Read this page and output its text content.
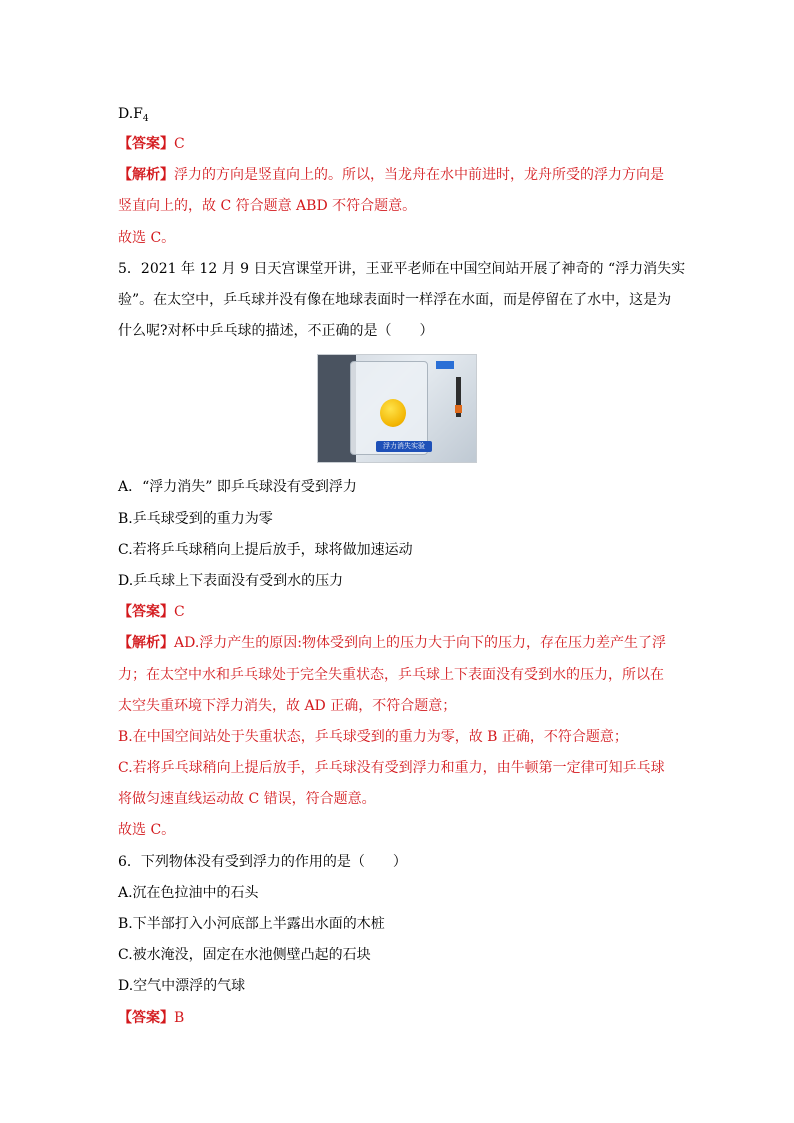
$D.F_4$
【答案】C
【解析】浮力的方向是竖直向上的。所以，当龙舟在水中前进时，龙舟所受的浮力方向是
竖直向上的，故 C 符合题意 ABD 不符合题意。
故选 C。
5．2021 年 12 月 9 日天宫课堂开讲，王亚平老师在中国空间站开展了神奇的 “浮力消失实
验”。在太空中，乒乓球并没有像在地球表面时一样浮在水面，而是停留在了水中，这是为
什么呢?对杯中乒乓球的描述，不正确的是（　　）
浮力消失实验
A．“浮力消失” 即乒乓球没有受到浮力
B.乒乓球受到的重力为零
C.若将乒乓球稍向上提后放手，球将做加速运动
D.乒乓球上下表面没有受到水的压力
【答案】C
【解析】AD.浮力产生的原因:物体受到向上的压力大于向下的压力，存在压力差产生了浮
力；在太空中水和乒乓球处于完全失重状态，乒乓球上下表面没有受到水的压力，所以在
太空失重环境下浮力消失，故 AD 正确，不符合题意；
B.在中国空间站处于失重状态，乒乓球受到的重力为零，故 B 正确，不符合题意；
C.若将乒乓球稍向上提后放手，乒乓球没有受到浮力和重力，由牛顿第一定律可知乒乓球
将做匀速直线运动故 C 错误，符合题意。
故选 C。
6．下列物体没有受到浮力的作用的是（　　）
A.沉在色拉油中的石头
B.下半部打入小河底部上半露出水面的木桩
C.被水淹没，固定在水池侧壁凸起的石块
D.空气中漂浮的气球
【答案】B
